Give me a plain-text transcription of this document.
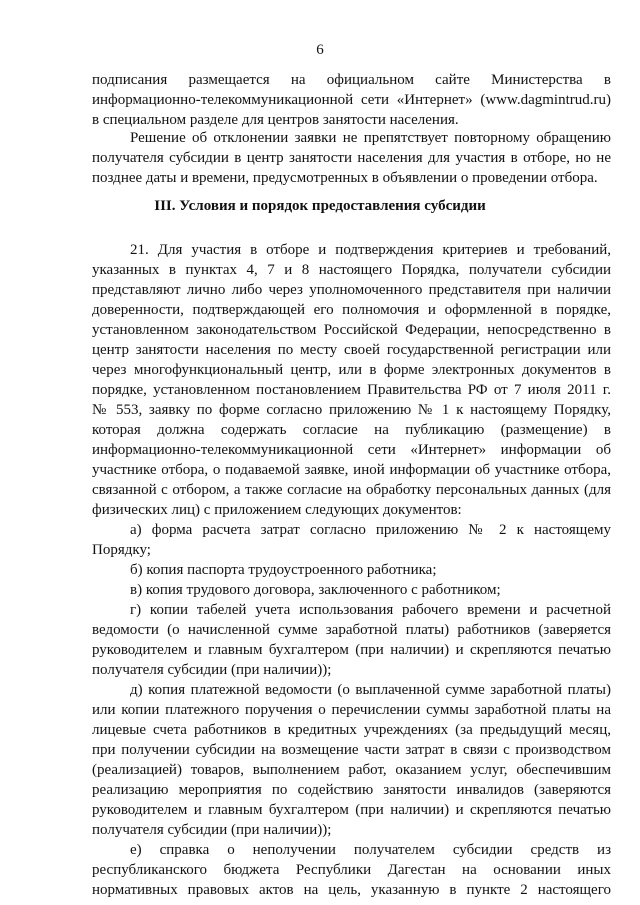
6
подписания размещается на официальном сайте Министерства в
информационно-телекоммуникационной сети «Интернет» (www.dagmintrud.ru)
в специальном разделе для центров занятости населения.
Решение об отклонении заявки не препятствует повторному обращению
получателя субсидии в центр занятости населения для участия в отборе, но не
позднее даты и времени, предусмотренных в объявлении о проведении отбора.
III. Условия и порядок предоставления субсидии
21. Для участия в отборе и подтверждения критериев и требований,
указанных в пунктах 4, 7 и 8 настоящего Порядка, получатели субсидии
представляют лично либо через уполномоченного представителя при наличии
доверенности, подтверждающей его полномочия и оформленной в порядке,
установленном законодательством Российской Федерации, непосредственно в
центр занятости населения по месту своей государственной регистрации или
через многофункциональный центр, или в форме электронных документов в
порядке, установленном постановлением Правительства РФ от 7 июля 2011 г.
№ 553, заявку по форме согласно приложению № 1 к настоящему Порядку,
которая должна содержать согласие на публикацию (размещение) в
информационно-телекоммуникационной сети «Интернет» информации об
участнике отбора, о подаваемой заявке, иной информации об участнике отбора,
связанной с отбором, а также согласие на обработку персональных данных (для
физических лиц) с приложением следующих документов:
а) форма расчета затрат согласно приложению № 2 к настоящему
Порядку;
б) копия паспорта трудоустроенного работника;
в) копия трудового договора, заключенного с работником;
г) копии табелей учета использования рабочего времени и расчетной
ведомости (о начисленной сумме заработной платы) работников (заверяется
руководителем и главным бухгалтером (при наличии) и скрепляются печатью
получателя субсидии (при наличии));
д) копия платежной ведомости (о выплаченной сумме заработной платы)
или копии платежного поручения о перечислении суммы заработной платы на
лицевые счета работников в кредитных учреждениях (за предыдущий месяц,
при получении субсидии на возмещение части затрат в связи с производством
(реализацией) товаров, выполнением работ, оказанием услуг, обеспечившим
реализацию мероприятия по содействию занятости инвалидов (заверяются
руководителем и главным бухгалтером (при наличии) и скрепляются печатью
получателя субсидии (при наличии));
е) справка о неполучении получателем субсидии средств из
республиканского бюджета Республики Дагестан на основании иных
нормативных правовых актов на цель, указанную в пункте 2 настоящего
